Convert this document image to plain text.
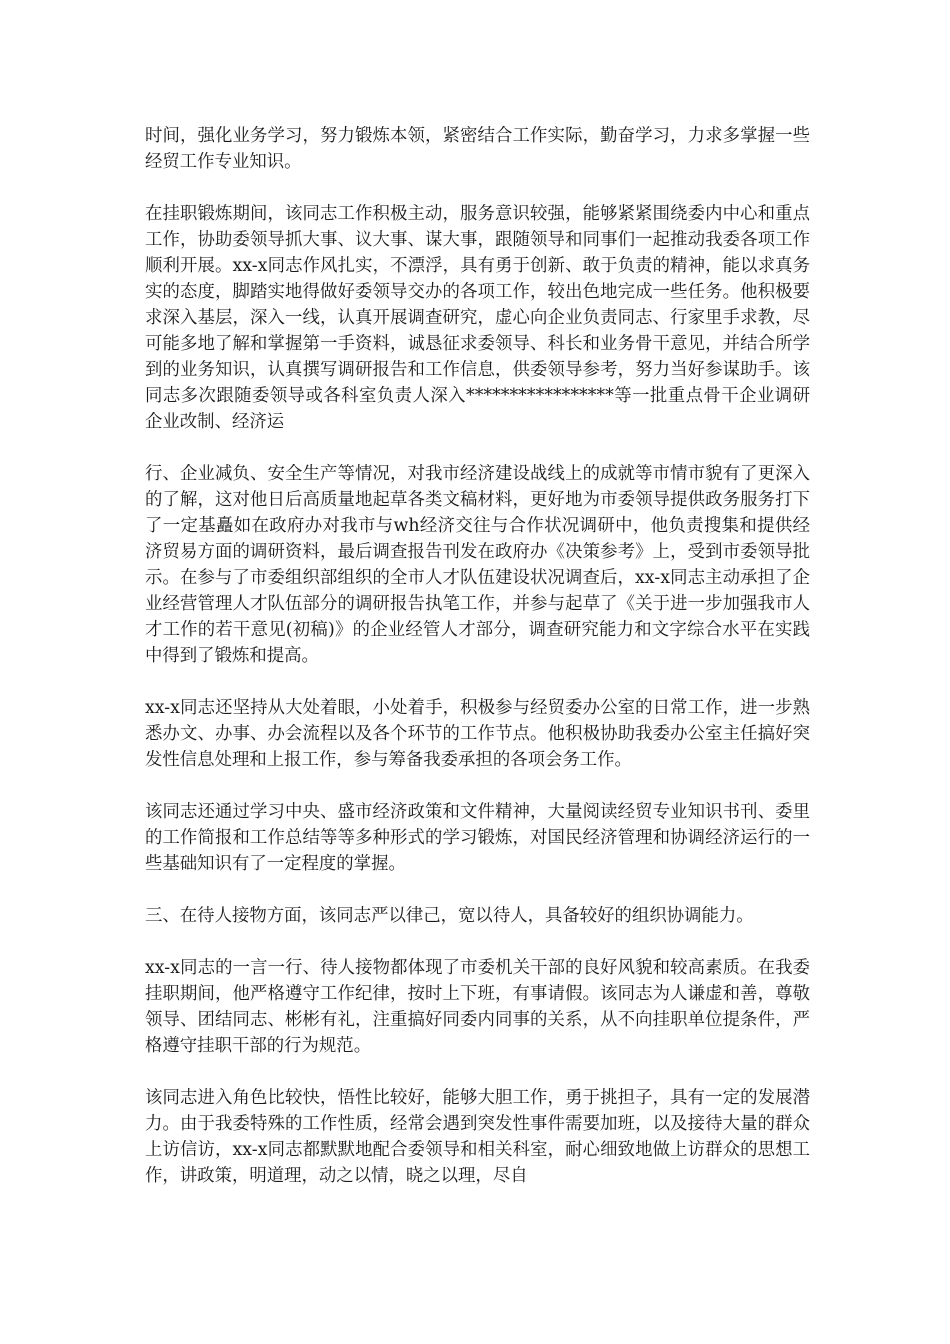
时间，强化业务学习，努力锻炼本领，紧密结合工作实际，勤奋学习，力求多掌握一些经贸工作专业知识。

在挂职锻炼期间，该同志工作积极主动，服务意识较强，能够紧紧围绕委内中心和重点工作，协助委领导抓大事、议大事、谋大事，跟随领导和同事们一起推动我委各项工作顺利开展。xx-x同志作风扎实，不漂浮，具有勇于创新、敢于负责的精神，能以求真务实的态度，脚踏实地得做好委领导交办的各项工作，较出色地完成一些任务。他积极要求深入基层，深入一线，认真开展调查研究，虚心向企业负责同志、行家里手求教，尽可能多地了解和掌握第一手资料，诚恳征求委领导、科长和业务骨干意见，并结合所学到的业务知识，认真撰写调研报告和工作信息，供委领导参考，努力当好参谋助手。该同志多次跟随委领导或各科室负责人深入*****************等一批重点骨干企业调研企业改制、经济运

行、企业减负、安全生产等情况，对我市经济建设战线上的成就等市情市貌有了更深入的了解，这对他日后高质量地起草各类文稿材料，更好地为市委领导提供政务服务打下了一定基矗如在政府办对我市与wh经济交往与合作状况调研中，他负责搜集和提供经济贸易方面的调研资料，最后调查报告刊发在政府办《决策参考》上，受到市委领导批示。在参与了市委组织部组织的全市人才队伍建设状况调查后，xx-x同志主动承担了企业经营管理人才队伍部分的调研报告执笔工作，并参与起草了《关于进一步加强我市人才工作的若干意见(初稿)》的企业经管人才部分，调查研究能力和文字综合水平在实践中得到了锻炼和提高。

xx-x同志还坚持从大处着眼，小处着手，积极参与经贸委办公室的日常工作，进一步熟悉办文、办事、办会流程以及各个环节的工作节点。他积极协助我委办公室主任搞好突发性信息处理和上报工作，参与筹备我委承担的各项会务工作。

该同志还通过学习中央、盛市经济政策和文件精神，大量阅读经贸专业知识书刊、委里的工作简报和工作总结等等多种形式的学习锻炼，对国民经济管理和协调经济运行的一些基础知识有了一定程度的掌握。

三、在待人接物方面，该同志严以律己，宽以待人，具备较好的组织协调能力。

xx-x同志的一言一行、待人接物都体现了市委机关干部的良好风貌和较高素质。在我委挂职期间，他严格遵守工作纪律，按时上下班，有事请假。该同志为人谦虚和善，尊敬领导、团结同志、彬彬有礼，注重搞好同委内同事的关系，从不向挂职单位提条件，严格遵守挂职干部的行为规范。

该同志进入角色比较快，悟性比较好，能够大胆工作，勇于挑担子，具有一定的发展潜力。由于我委特殊的工作性质，经常会遇到突发性事件需要加班，以及接待大量的群众上访信访，xx-x同志都默默地配合委领导和相关科室，耐心细致地做上访群众的思想工作，讲政策，明道理，动之以情，晓之以理，尽自
